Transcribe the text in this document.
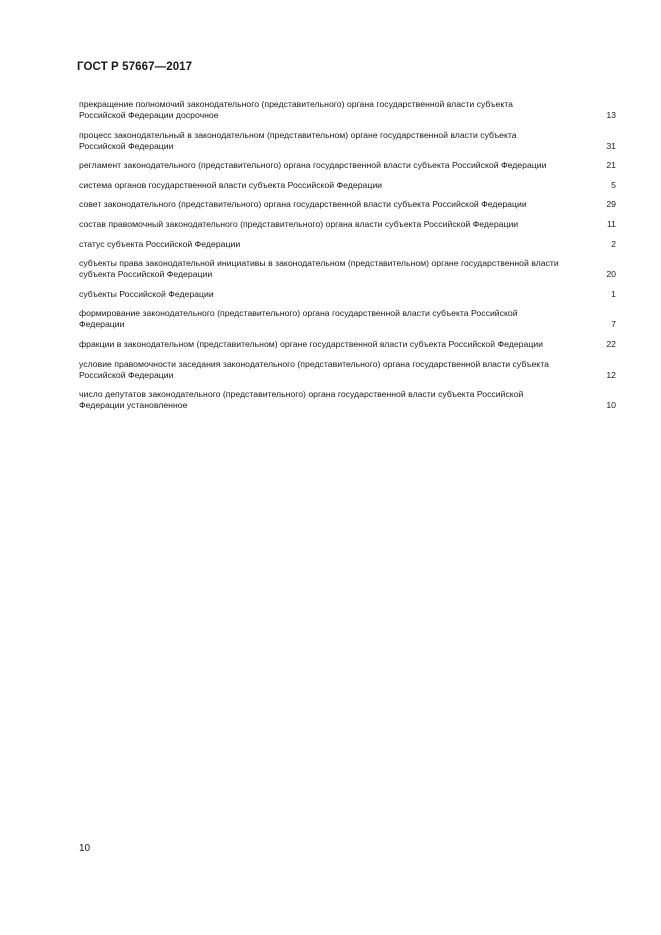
ГОСТ Р 57667—2017
прекращение полномочий законодательного (представительного) органа государственной власти субъекта Российской Федерации досрочное	13
процесс законодательный в законодательном (представительном) органе государственной власти субъекта Российской Федерации	31
регламент законодательного (представительного) органа государственной власти субъекта Российской Федерации	21
система органов государственной власти субъекта Российской Федерации	5
совет законодательного (представительного) органа государственной власти субъекта Российской Федерации	29
состав правомочный законодательного (представительного) органа власти субъекта Российской Федерации	11
статус субъекта Российской Федерации	2
субъекты права законодательной инициативы в законодательном (представительном) органе государственной власти субъекта Российской Федерации	20
субъекты Российской Федерации	1
формирование законодательного (представительного) органа государственной власти субъекта Российской Федерации	7
фракции в законодательном (представительном) органе государственной власти субъекта Российской Федерации	22
условие правомочности заседания законодательного (представительного) органа государственной власти субъекта Российской Федерации	12
число депутатов законодательного (представительного) органа государственной власти субъекта Российской Федерации установленное	10
10
